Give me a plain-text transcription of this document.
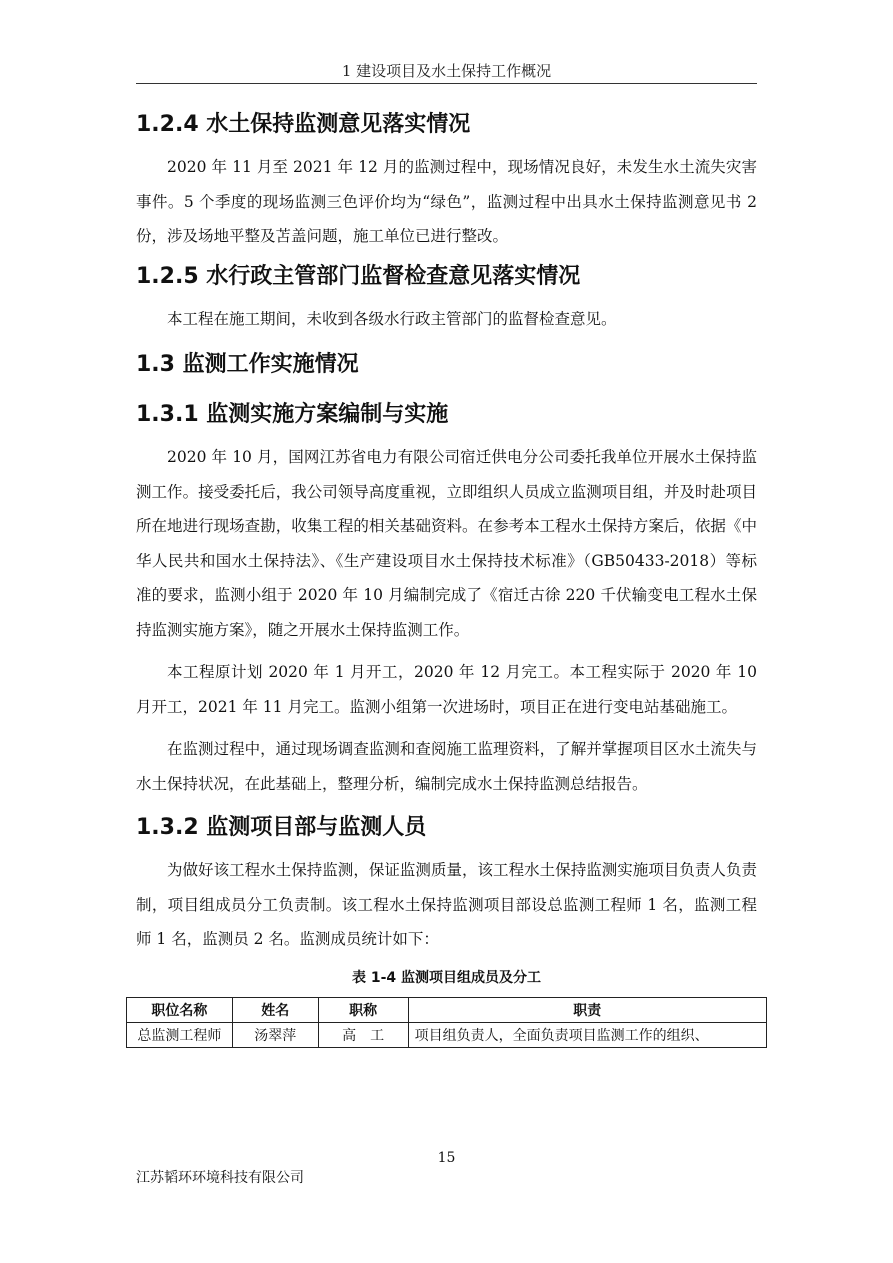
1 建设项目及水土保持工作概况
1.2.4 水土保持监测意见落实情况

2020 年 11 月至 2021 年 12 月的监测过程中，现场情况良好，未发生水土流失灾害事件。5 个季度的现场监测三色评价均为“绿色”，监测过程中出具水土保持监测意见书 2 份，涉及场地平整及苫盖问题，施工单位已进行整改。

1.2.5 水行政主管部门监督检查意见落实情况

本工程在施工期间，未收到各级水行政主管部门的监督检查意见。

1.3 监测工作实施情况
1.3.1 监测实施方案编制与实施

2020 年 10 月，国网江苏省电力有限公司宿迁供电分公司委托我单位开展水土保持监测工作。接受委托后，我公司领导高度重视，立即组织人员成立监测项目组，并及时赴项目所在地进行现场查勘，收集工程的相关基础资料。在参考本工程水土保持方案后，依据《中华人民共和国水土保持法》、《生产建设项目水土保持技术标准》（GB50433-2018）等标准的要求，监测小组于 2020 年 10 月编制完成了《宿迁古徐 220 千伏输变电工程水土保持监测实施方案》，随之开展水土保持监测工作。

本工程原计划 2020 年 1 月开工，2020 年 12 月完工。本工程实际于 2020 年 10 月开工，2021 年 11 月完工。监测小组第一次进场时，项目正在进行变电站基础施工。

在监测过程中，通过现场调查监测和查阅施工监理资料，了解并掌握项目区水土流失与水土保持状况，在此基础上，整理分析，编制完成水土保持监测总结报告。

1.3.2 监测项目部与监测人员

为做好该工程水土保持监测，保证监测质量，该工程水土保持监测实施项目负责人负责制，项目组成员分工负责制。该工程水土保持监测项目部设总监测工程师 1 名，监测工程师 1 名，监测员 2 名。监测成员统计如下：

表 1-4 监测项目组成员及分工
职位名称	姓名	职称	职责
总监测工程师	汤翠萍	高　工	项目组负责人，全面负责项目监测工作的组织、
15
江苏韬环环境科技有限公司
